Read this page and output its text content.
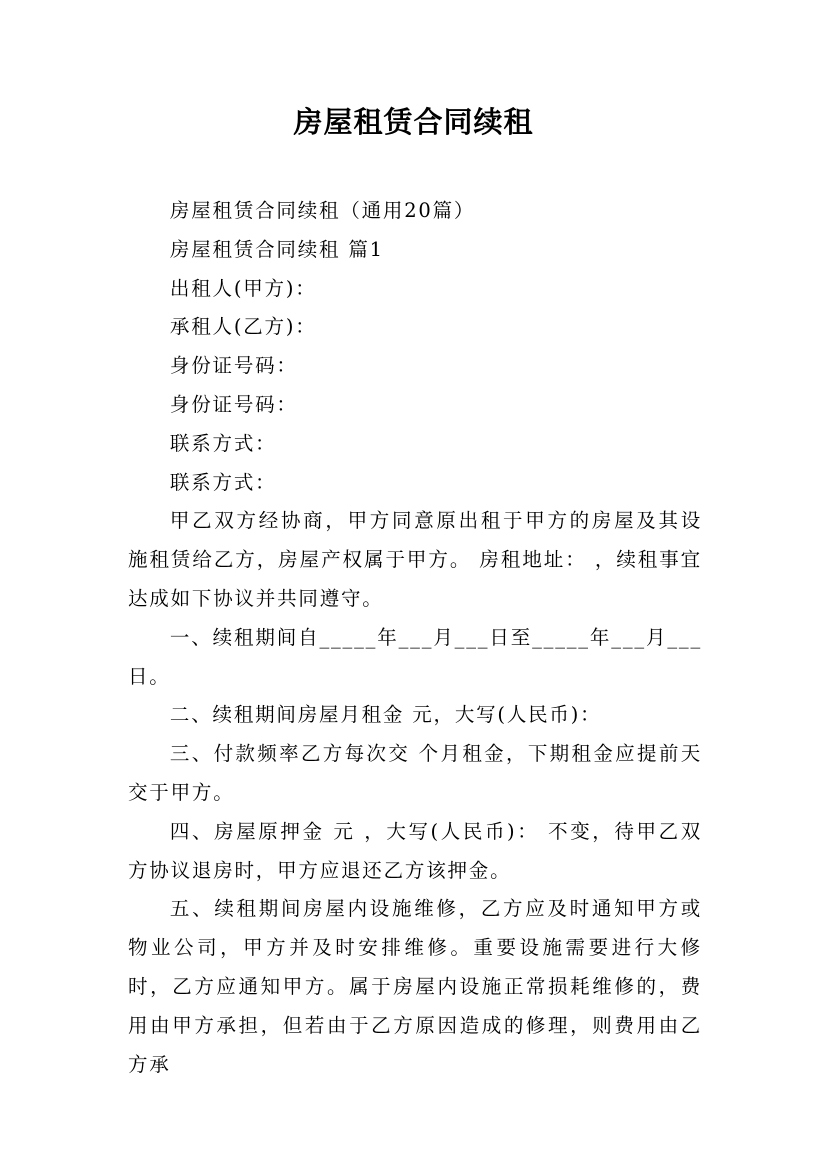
房屋租赁合同续租

房屋租赁合同续租（通用20篇）

房屋租赁合同续租 篇1

出租人(甲方)：

承租人(乙方)：

身份证号码：

身份证号码：

联系方式：

联系方式：

甲乙双方经协商，甲方同意原出租于甲方的房屋及其设施租赁给乙方，房屋产权属于甲方。 房租地址： ，续租事宜达成如下协议并共同遵守。

一、续租期间自_____年___月___日至_____年___月___日。

二、续租期间房屋月租金 元，大写(人民币)：

三、付款频率乙方每次交 个月租金，下期租金应提前天交于甲方。

四、房屋原押金 元 ，大写(人民币)： 不变，待甲乙双方协议退房时，甲方应退还乙方该押金。

五、续租期间房屋内设施维修，乙方应及时通知甲方或物业公司，甲方并及时安排维修。重要设施需要进行大修时，乙方应通知甲方。属于房屋内设施正常损耗维修的，费用由甲方承担，但若由于乙方原因造成的修理，则费用由乙方承
